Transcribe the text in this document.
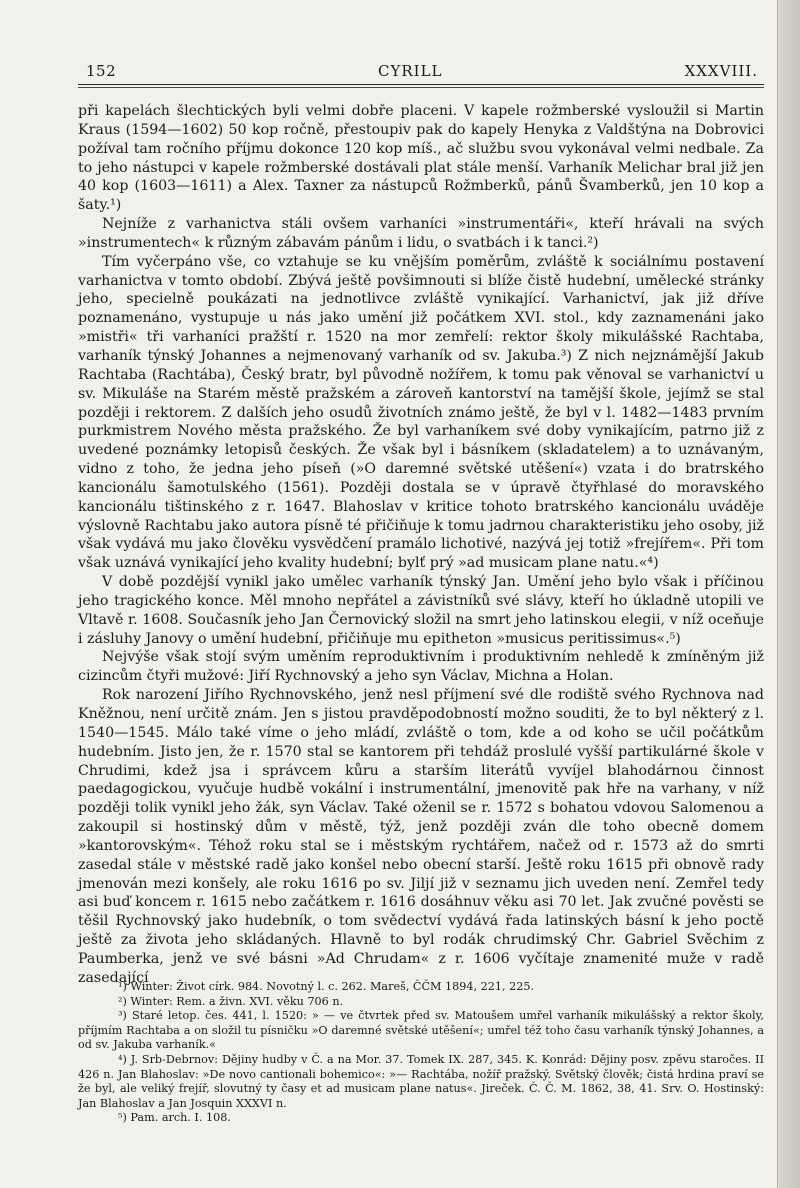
152	CYRILL	XXXVIII.

při kapelách šlechtických byli velmi dobře placeni. V kapele rožmberské vysloužil si Martin Kraus (1594—1602) 50 kop ročně, přestoupiv pak do kapely Henyka z Valdštýna na Dobrovici požíval tam ročního příjmu dokonce 120 kop míš., ač službu svou vykonával velmi nedbale. Za to jeho nástupci v kapele rožmberské dostávali plat stále menší. Varhaník Melichar bral již jen 40 kop (1603—1611) a Alex. Taxner za nástupců Rožmberků, pánů Švamberků, jen 10 kop a šaty.¹)

Nejníže z varhanictva stáli ovšem varhaníci »instrumentáři«, kteří hrávali na svých »instrumentech« k různým zábavám pánům i lidu, o svatbách i k tanci.²)

Tím vyčerpáno vše, co vztahuje se ku vnějším poměrům, zvláště k sociálnímu postavení varhanictva v tomto období. Zbývá ještě povšimnouti si blíže čistě hudební, umělecké stránky jeho, specielně poukázati na jednotlivce zvláště vynikající. Varhanictví, jak již dříve poznamenáno, vystupuje u nás jako umění již počátkem XVI. stol., kdy zaznamenáni jako »mistři« tři varhaníci pražští r. 1520 na mor zemřelí: rektor školy mikulášské Rachtaba, varhaník týnský Johannes a nejmenovaný varhaník od sv. Jakuba.³) Z nich nejznámější Jakub Rachtaba (Rachtába), Český bratr, byl původně nožířem, k tomu pak věnoval se varhanictví u sv. Mikuláše na Starém městě pražském a zároveň kantorství na tamější škole, jejímž se stal později i rektorem. Z dalších jeho osudů životních známo ještě, že byl v l. 1482—1483 prvním purkmistrem Nového města pražského. Že byl varhaníkem své doby vynikajícím, patrno již z uvedené poznámky letopisů českých. Že však byl i básníkem (skladatelem) a to uznávaným, vidno z toho, že jedna jeho píseň (»O daremné světské utěšení«) vzata i do bratrského kancionálu šamotulského (1561). Později dostala se v úpravě čtyřhlasé do moravského kancionálu tištinského z r. 1647. Blahoslav v kritice tohoto bratrského kancionálu uváděje výslovně Rachtabu jako autora písně té přičiňuje k tomu jadrnou charakteristiku jeho osoby, již však vydává mu jako člověku vysvědčení pramálo lichotivé, nazývá jej totiž »frejířem«. Při tom však uznává vynikající jeho kvality hudební; bylť prý »ad musicam plane natu.«⁴)

V době pozdější vynikl jako umělec varhaník týnský Jan. Umění jeho bylo však i příčinou jeho tragického konce. Měl mnoho nepřátel a závistníků své slávy, kteří ho úkladně utopili ve Vltavě r. 1608. Současník jeho Jan Černovický složil na smrt jeho latinskou elegii, v níž oceňuje i zásluhy Janovy o umění hudební, přičiňuje mu epitheton »musicus peritissimus«.⁵)

Nejvýše však stojí svým uměním reproduktivním i produktivním nehledě k zmíněným již cizincům čtyři mužové: Jiří Rychnovský a jeho syn Václav, Michna a Holan.

Rok narození Jiřího Rychnovského, jenž nesl příjmení své dle rodiště svého Rychnova nad Kněžnou, není určitě znám. Jen s jistou pravděpodobností možno souditi, že to byl některý z l. 1540—1545. Málo také víme o jeho mládí, zvláště o tom, kde a od koho se učil počátkům hudebním. Jisto jen, že r. 1570 stal se kantorem při tehdáž proslulé vyšší partikulárné škole v Chrudimi, kdež jsa i správcem kůru a starším literátů vyvíjel blahodárnou činnost paedagogickou, vyučuje hudbě vokální i instrumentální, jmenovitě pak hře na varhany, v níž později tolik vynikl jeho žák, syn Václav. Také oženil se r. 1572 s bohatou vdovou Salomenou a zakoupil si hostinský dům v městě, týž, jenž později zván dle toho obecně domem »kantorovským«. Téhož roku stal se i městským rychtářem, načež od r. 1573 až do smrti zasedal stále v městské radě jako konšel nebo obecní starší. Ještě roku 1615 při obnově rady jmenován mezi konšely, ale roku 1616 po sv. Jiljí již v seznamu jich uveden není. Zemřel tedy asi buď koncem r. 1615 nebo začátkem r. 1616 dosáhnuv věku asi 70 let. Jak zvučné pověsti se těšil Rychnovský jako hudebník, o tom svědectví vydává řada latinských básní k jeho poctě ještě za života jeho skládaných. Hlavně to byl rodák chrudimský Chr. Gabriel Svěchim z Paumberka, jenž ve své básni »Ad Chrudam« z r. 1606 vyčítaje znamenité muže v radě zasedající

¹) Winter: Život círk. 984. Novotný l. c. 262. Mareš, ČČM 1894, 221, 225.

²) Winter: Rem. a živn. XVI. věku 706 n.

³) Staré letop. čes. 441, l. 1520: » — ve čtvrtek před sv. Matoušem umřel varhaník mikulášský a rektor školy, příjmím Rachtaba a on složil tu písničku »O daremné světské utěšení«; umřel též toho času varhaník týnský Johannes, a od sv. Jakuba varhaník.«

⁴) J. Srb-Debrnov: Dějiny hudby v Č. a na Mor. 37. Tomek IX. 287, 345. K. Konrád: Dějiny posv. zpěvu staročes. II 426 n. Jan Blahoslav: »De novo cantionali bohemico«: »— Rachtába, nožíř pražský. Světský člověk; čistá hrdina praví se že byl, ale veliký frejíř, slovutný ty časy et ad musicam plane natus«. Jireček. Č. Č. M. 1862, 38, 41. Srv. O. Hostinský: Jan Blahoslav a Jan Josquin XXXVI n.

⁵) Pam. arch. I. 108.
